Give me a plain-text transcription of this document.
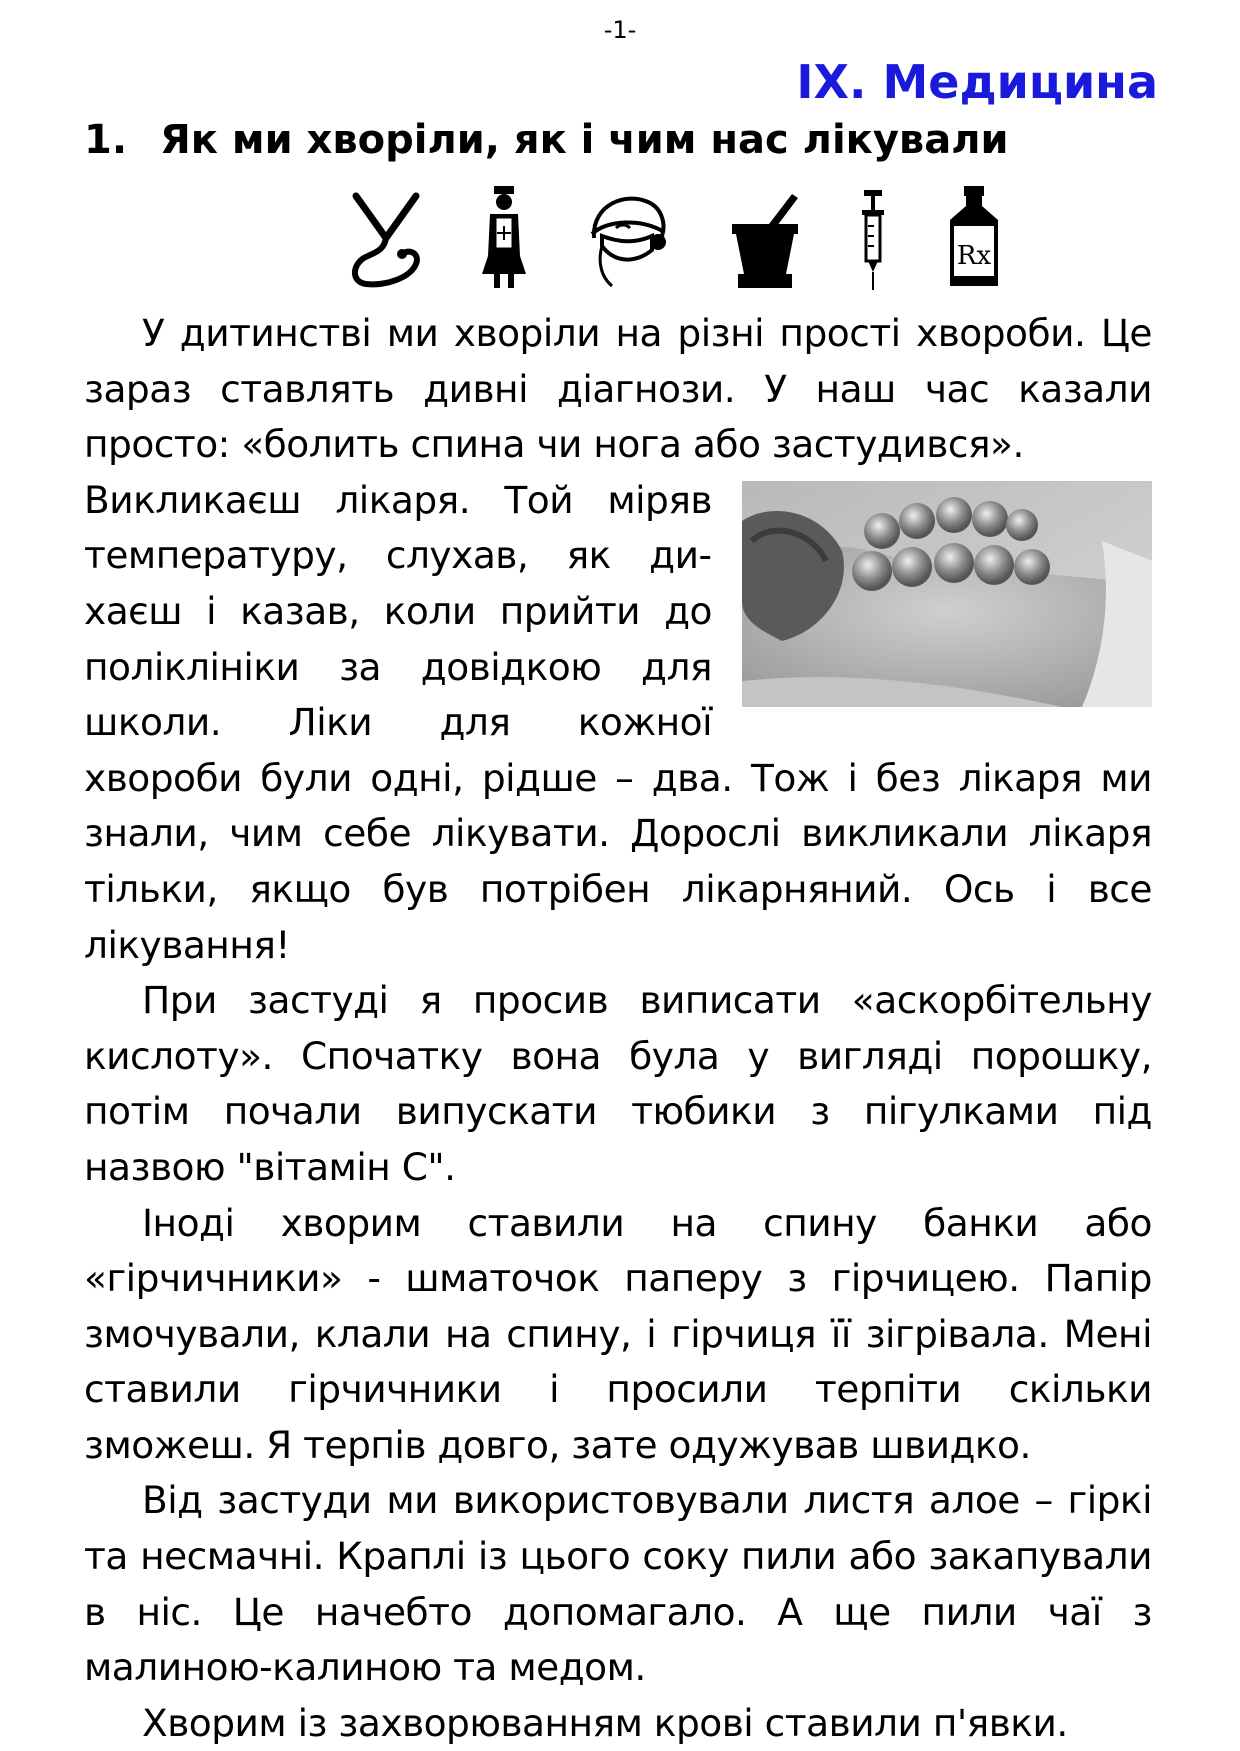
-1-
IX. Медицина
1. Як ми хворіли, як і чим нас лікували
Rx

У дитинстві ми хворіли на різні прості хвороби. Це зараз ставлять дивні діагнози. У наш час казали просто: «болить спина чи нога або застудився».

Викликаєш лікаря. Той міряв температуру, слухав, як дихаєш і казав, коли прийти до поліклініки за довідкою для школи. Ліки для кожної хвороби були одні, рідше – два. Тож і без лікаря ми знали, чим себе лікувати. Дорослі викликали лікаря тільки, якщо був потрібен лікарняний. Ось і все лікування!

При застуді я просив виписати «аскорбітельну кислоту». Спочатку вона була у вигляді порошку, потім почали випускати тюбики з пігулками під назвою "вітамін С".

Іноді хворим ставили на спину банки або «гірчичники» - шматочок паперу з гірчицею. Папір змочували, клали на спину, і гірчиця її зігрівала. Мені ставили гірчичники і просили терпіти скільки зможеш. Я терпів довго, зате одужував швидко.

Від застуди ми використовували листя алое – гіркі та несмачні. Краплі із цього соку пили або закапували в ніс. Це начебто допомагало. А ще пили чаї з малиною-калиною та медом.

Хворим із захворюванням крові ставили п'явки.
